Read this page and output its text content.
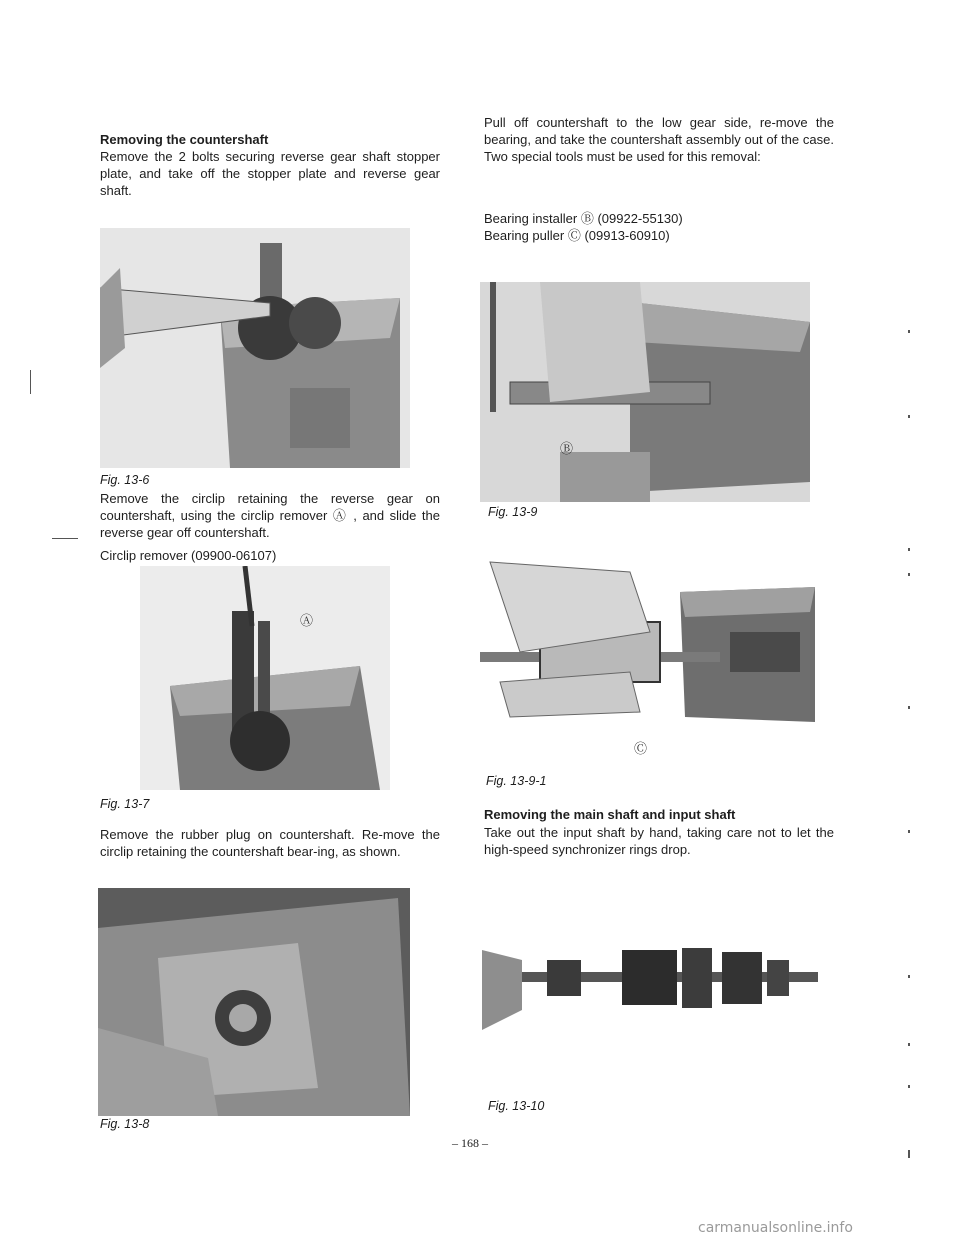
Removing the countershaft

Remove the 2 bolts securing reverse gear shaft stopper plate, and take off the stopper plate and reverse gear shaft.

Fig. 13-6

Remove the circlip retaining the reverse gear on countershaft, using the circlip remover Ⓐ , and slide the reverse gear off countershaft.

Circlip remover (09900-06107)
Ⓐ
Fig. 13-7

Remove the rubber plug on countershaft. Re-move the circlip retaining the countershaft bear-ing, as shown.

Fig. 13-8

Pull off countershaft to the low gear side, re-move the bearing, and take the countershaft assembly out of the case. Two special tools must be used for this removal:

Bearing installer Ⓑ (09922-55130)
Bearing puller Ⓒ (09913-60910)
Ⓑ
Fig. 13-9
Ⓒ
Fig. 13-9-1
Removing the main shaft and input shaft

Take out the input shaft by hand, taking care not to let the high-speed synchronizer rings drop.

Fig. 13-10
– 168 –
carmanualsonline.info
